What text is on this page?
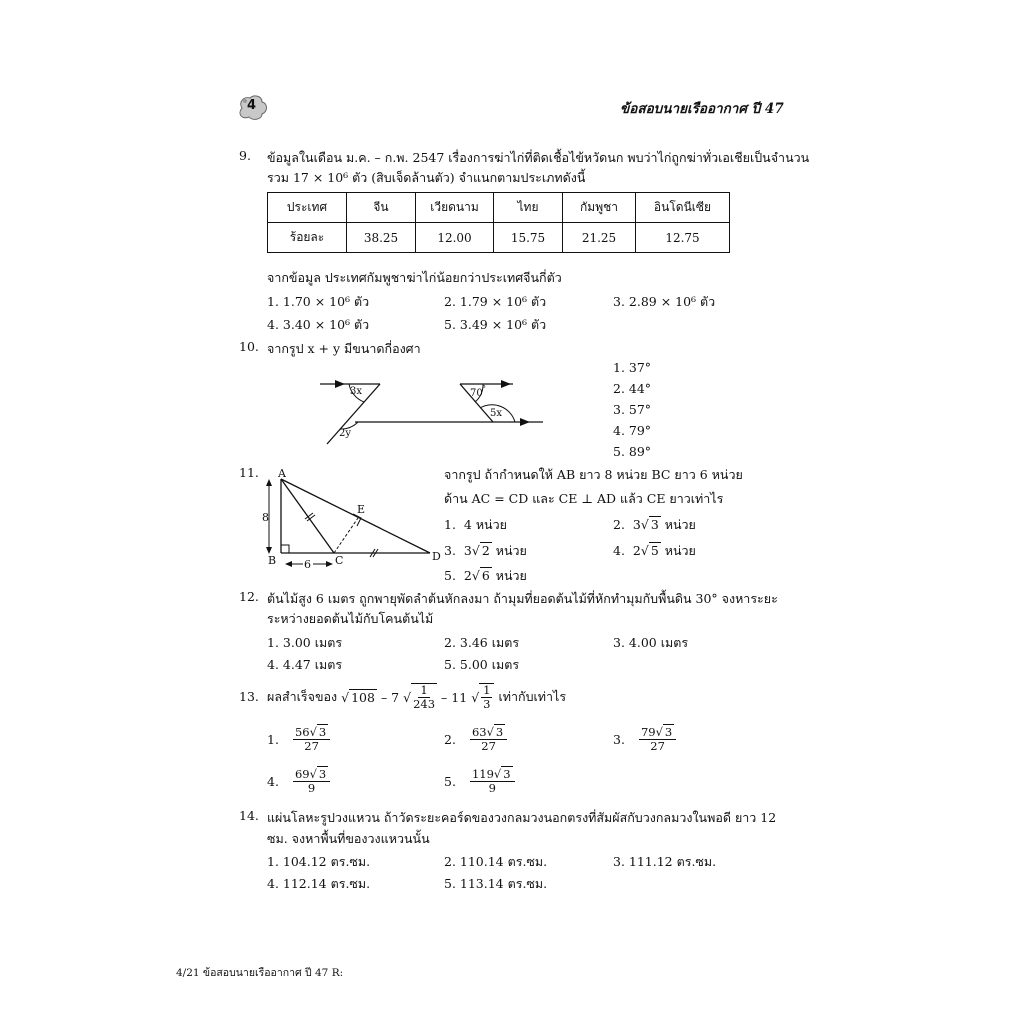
4	ข้อสอบนายเรืออากาศ ปี 47
9. ข้อมูลในเดือน ม.ค. – ก.พ. 2547 เรื่องการฆ่าไก่ที่ติดเชื้อไข้หวัดนก พบว่าไก่ถูกฆ่าทั่วเอเชียเป็นจำนวน
รวม 17 × 10⁶ ตัว (สิบเจ็ดล้านตัว) จำแนกตามประเภทดังนี้
ประเทศ	จีน	เวียดนาม	ไทย	กัมพูชา	อินโดนีเซีย
ร้อยละ	38.25	12.00	15.75	21.25	12.75
จากข้อมูล ประเทศกัมพูชาฆ่าไก่น้อยกว่าประเทศจีนกี่ตัว
1. 1.70 × 10⁶ ตัว	2. 1.79 × 10⁶ ตัว	3. 2.89 × 10⁶ ตัว
4. 3.40 × 10⁶ ตัว	5. 3.49 × 10⁶ ตัว
10. จากรูป x + y มีขนาดกี่องศา
3x
2y
70 °
5x
1. 37°
2. 44°
3. 57°
4. 79°
5. 89°
11.
8
6
A
B	C	D
E
จากรูป ถ้ากำหนดให้ AB ยาว 8 หน่วย BC ยาว 6 หน่วย
ด้าน AC = CD และ CE ⊥ AD แล้ว CE ยาวเท่าไร
1. 4 หน่วย	2. 3√ 3 หน่วย
3. 3√ 2 หน่วย	4. 2√ 5 หน่วย
5. 2√ 6 หน่วย
12. ต้นไม้สูง 6 เมตร ถูกพายุพัดลำต้นหักลงมา ถ้ามุมที่ยอดต้นไม้ที่หักทำมุมกับพื้นดิน 30° จงหาระยะ
ระหว่างยอดต้นไม้กับโคนต้นไม้
1. 3.00 เมตร	2. 3.46 เมตร	3. 4.00 เมตร
4. 4.47 เมตร	5. 5.00 เมตร
13. ผลสำเร็จของ √ 108 – 7 √ $\frac{1}{243} - 11$ √ $\frac{1}{3}$ เท่ากับเท่าไร
1. $\frac{56√ 3}{27}$	2. $\frac{63√ 3}{27}$	3. $\frac{79√ 3}{27}$
4. $\frac{69√ 3}{9}$	5. $\frac{119√ 3}{9}$
14. แผ่นโลหะรูปวงแหวน ถ้าวัดระยะคอร์ดของวงกลมวงนอกตรงที่สัมผัสกับวงกลมวงในพอดี ยาว 12
ซม. จงหาพื้นที่ของวงแหวนนั้น
1. 104.12 ตร.ซม.	2. 110.14 ตร.ซม.	3. 111.12 ตร.ซม.
4. 112.14 ตร.ซม.	5. 113.14 ตร.ซม.
4/21 ข้อสอบนายเรืออากาศ ปี 47 R:
